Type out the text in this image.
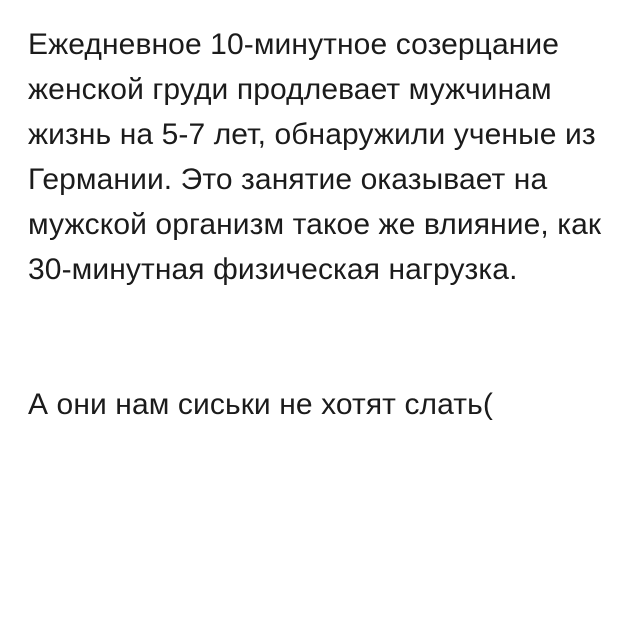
Ежедневное 10-минутное созерцание женской груди продлевает мужчинам жизнь на 5-7 лет, обнаружили ученые из Германии. Это занятие оказывает на мужской организм такое же влияние, как 30-минутная физическая нагрузка.

А они нам сиськи не хотят слать(
